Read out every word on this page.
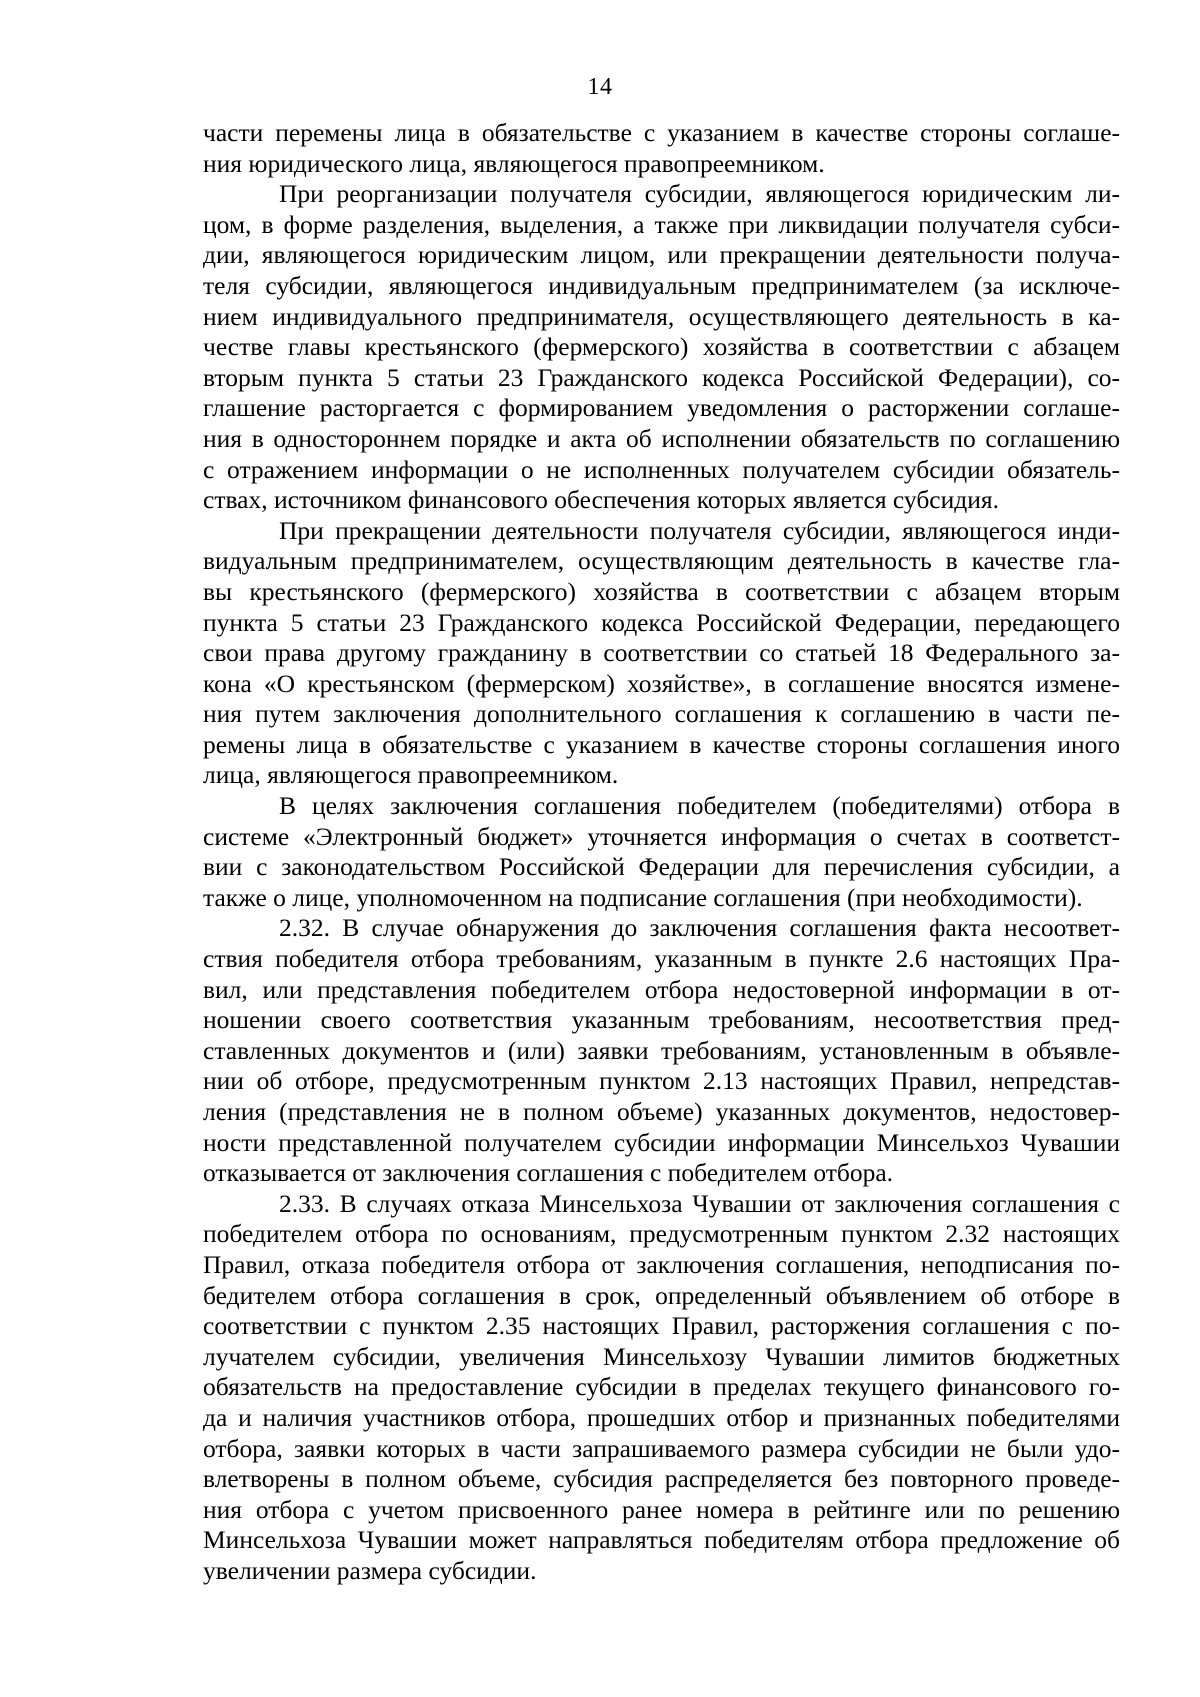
14
части перемены лица в обязательстве с указанием в качестве стороны соглаше-
ния юридического лица, являющегося правопреемником.
При реорганизации получателя субсидии, являющегося юридическим ли-
цом, в форме разделения, выделения, а также при ликвидации получателя субси-
дии, являющегося юридическим лицом, или прекращении деятельности получа-
теля субсидии, являющегося индивидуальным предпринимателем (за исключе-
нием индивидуального предпринимателя, осуществляющего деятельность в ка-
честве главы крестьянского (фермерского) хозяйства в соответствии с абзацем
вторым пункта 5 статьи 23 Гражданского кодекса Российской Федерации), со-
глашение расторгается с формированием уведомления о расторжении соглаше-
ния в одностороннем порядке и акта об исполнении обязательств по соглашению
с отражением информации о не исполненных получателем субсидии обязатель-
ствах, источником финансового обеспечения которых является субсидия.
При прекращении деятельности получателя субсидии, являющегося инди-
видуальным предпринимателем, осуществляющим деятельность в качестве гла-
вы крестьянского (фермерского) хозяйства в соответствии с абзацем вторым
пункта 5 статьи 23 Гражданского кодекса Российской Федерации, передающего
свои права другому гражданину в соответствии со статьей 18 Федерального за-
кона «О крестьянском (фермерском) хозяйстве», в соглашение вносятся измене-
ния путем заключения дополнительного соглашения к соглашению в части пе-
ремены лица в обязательстве с указанием в качестве стороны соглашения иного
лица, являющегося правопреемником.
В целях заключения соглашения победителем (победителями) отбора в
системе «Электронный бюджет» уточняется информация о счетах в соответст-
вии с законодательством Российской Федерации для перечисления субсидии, а
также о лице, уполномоченном на подписание соглашения (при необходимости).
2.32. В случае обнаружения до заключения соглашения факта несоответ-
ствия победителя отбора требованиям, указанным в пункте 2.6 настоящих Пра-
вил, или представления победителем отбора недостоверной информации в от-
ношении своего соответствия указанным требованиям, несоответствия пред-
ставленных документов и (или) заявки требованиям, установленным в объявле-
нии об отборе, предусмотренным пунктом 2.13 настоящих Правил, непредстав-
ления (представления не в полном объеме) указанных документов, недостовер-
ности представленной получателем субсидии информации Минсельхоз Чувашии
отказывается от заключения соглашения с победителем отбора.
2.33. В случаях отказа Минсельхоза Чувашии от заключения соглашения с
победителем отбора по основаниям, предусмотренным пунктом 2.32 настоящих
Правил, отказа победителя отбора от заключения соглашения, неподписания по-
бедителем отбора соглашения в срок, определенный объявлением об отборе в
соответствии с пунктом 2.35 настоящих Правил, расторжения соглашения с по-
лучателем субсидии, увеличения Минсельхозу Чувашии лимитов бюджетных
обязательств на предоставление субсидии в пределах текущего финансового го-
да и наличия участников отбора, прошедших отбор и признанных победителями
отбора, заявки которых в части запрашиваемого размера субсидии не были удо-
влетворены в полном объеме, субсидия распределяется без повторного проведе-
ния отбора с учетом присвоенного ранее номера в рейтинге или по решению
Минсельхоза Чувашии может направляться победителям отбора предложение об
увеличении размера субсидии.
